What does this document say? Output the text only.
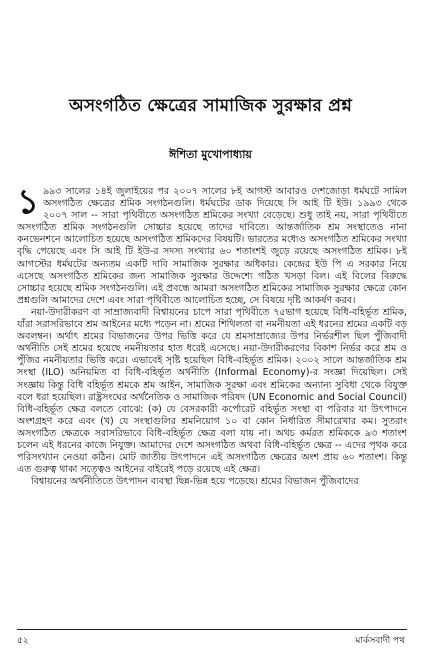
অসংগঠিত ক্ষেত্রের সামাজিক সুরক্ষার প্রশ্ন
ঈশিতা মুখোপাধ্যায়

১ ৯৯৩ সালের ১৪ই জুলাইয়ের পর ২০০৭ সালের ৮ই আগস্ট আবারও দেশজোড়া ধর্মঘটে সামিল অসংগঠিত ক্ষেত্রের শ্রমিক সংগঠনগুলি। ধর্মঘটের ডাক দিয়েছে সি আই টি ইউ। ১৯৯৩ থেকে ২০০৭ সাল -- সারা পৃথিবীতে অসংগঠিত শ্রমিকের সংখ্যা বেড়েছে। শুধু তাই নয়, সারা পৃথিবীতে অসংগঠিত শ্রমিক সংগঠনগুলি সোচ্চার হয়েছে তাদের দাবিতে। আন্তর্জাতিক শ্রম সংস্থাতেও নানা কনভেনশনে আলোচিত হয়েছে অসংগঠিত শ্রমিকদের বিষয়টি। ভারতের মধ্যেও অসংগঠিত শ্রমিকের সংখ্যা বৃদ্ধি পেয়েছে এবং সি আই টি ইউ-র সদস্য সংখ্যার ৬০ শতাংশই জুড়ে রয়েছে অসংগঠিত শ্রমিক। ৮ই আগস্টের ধর্মঘটের অন্যতম একটি দাবি সামাজিক সুরক্ষার অধিকার। কেন্দ্রের ইউ পি এ সরকার নিয়ে এসেছে অসংগঠিত শ্রমিকের জন্য সামাজিক সুরক্ষার উদ্দেশ্যে গঠিত খসড়া বিল। এই বিলের বিরুদ্ধে সোচ্চার হয়েছে শ্রমিক সংগঠনগুলি। এই প্রবন্ধে আমরা অসংগঠিত শ্রমিকের সামাজিক সুরক্ষার ক্ষেত্রে কোন প্রশ্নগুলি আমাদের দেশে এবং সারা পৃথিবীতে আলোচিত হচ্ছে, সে বিষয়ে দৃষ্টি আকর্ষণ করব।

নয়া-উদারীকরণ বা সাম্রাজ্যবাদী বিশ্বায়নের চাপে সারা পৃথিবীতে ৭৫ভাগ হয়েছে বিধি-বহির্ভূত শ্রমিক, যাঁরা সরাসরিভাবে শ্রম আইনের মধ্যে পড়েন না। শ্রমের শিথিলতা বা নমনীয়তা এই ধরনের শ্রমের একটি বড় অবলম্বন। অর্থাৎ শ্রমের বিভাজনের উপর ভিত্তি করে যে শ্রমসাম্রাজ্যের উপর নির্ভরশীল ছিল পুঁজিবাদী অর্থনীতি সেই শ্রমের হয়েছে নমনীয়তার হাত ধরেই এসেছে। নয়া-উদারীকরণের বিকাশ নির্ভর করে শ্রম ও পুঁজির নমনীয়তার ভিত্তি করে। এভাবেই সৃষ্টি হয়েছিল বিধি-বহির্ভূত শ্রমিক। ২০০২ সালে আন্তর্জাতিক শ্রম সংস্থা (ILO) অনিয়মিত বা বিধি-বহির্ভূত অর্থনীতি (Informal Economy)-র সংজ্ঞা দিয়েছিল। সেই সংজ্ঞায় কিন্তু বিধি বহির্ভূত শ্রমকে শ্রম আইন, সামাজিক সুরক্ষা এবং শ্রমিকের অন্যান্য সুবিধা থেকে বিযুক্ত বলে ধরা হয়েছিল। রাষ্ট্রসংঘের অর্থনৈতিক ও সামাজিক পরিষদ (UN Economic and Social Council) বিধি-বহির্ভূত ক্ষেত্র বলতে বোঝে: (ক) যে বেসরকারী কর্পোরেট বহির্ভূত সংস্থা বা পরিবার যা উৎপাদনে অংশগ্রহণ করে এবং (খ) যে সংস্থাগুলির শ্রমনিয়োগ ১০ বা কোন নির্ধারিত সীমারেখার কম। সুতরাং অসংগঠিত ক্ষেত্রকে সরাসরিভাবে বিধি-বহির্ভূত ক্ষেত্র বলা যায় না। অথচ কর্মরত শ্রমিককে ৯৩ শতাংশ চলেন এই ধরনের কাজে নিযুক্ত। আমাদের দেশে অসংগঠিত অথবা বিধি-বহির্ভূত ক্ষেত্র -- এদের পৃথক করে পরিসংখ্যান নেওয়া কঠিন। মোট জাতীয় উৎপাদনে এই অসংগঠিত ক্ষেত্রের অংশ প্রায় ৬০ শতাংশ। কিন্তু এত গুরুত্ব থাকা সত্ত্বেও আইনের বাইরেই পড়ে রয়েছে এই ক্ষেত্র।

বিশ্বায়নের অর্থনীতিতে উৎপাদন ব্যবস্থা ছিন্ন-ভিন্ন হয়ে পড়েছে। শ্রমের বিভাজন পুঁজিবাদের

৫২	মার্কসবাদী পথ
